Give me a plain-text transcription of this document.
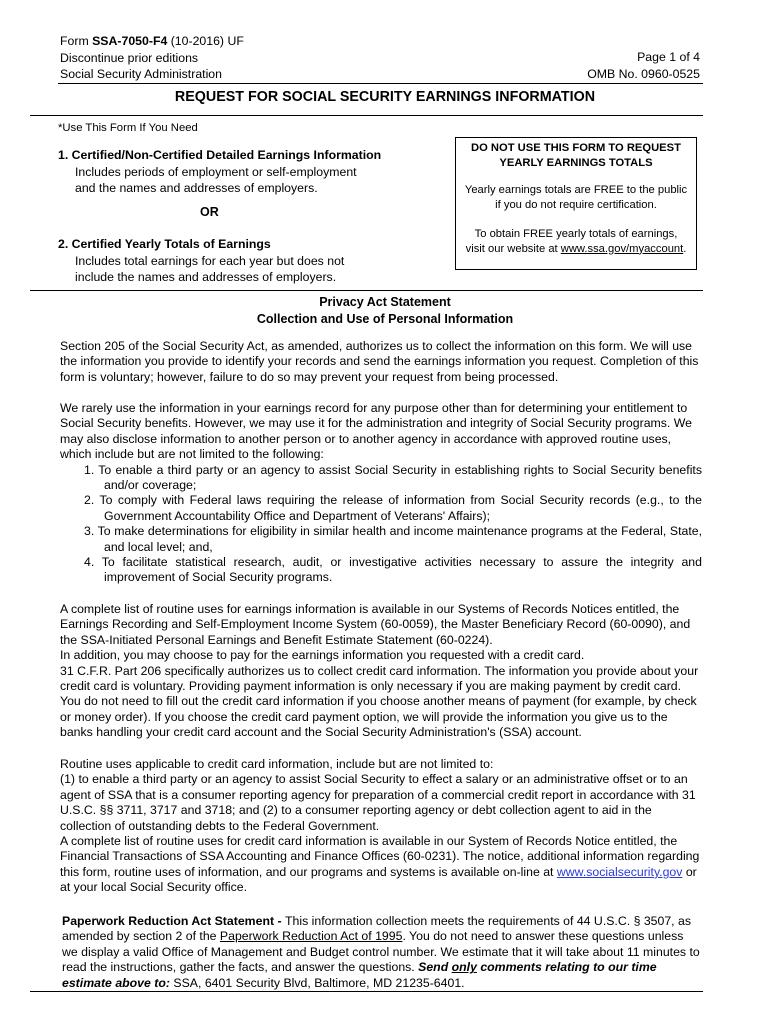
Form SSA-7050-F4 (10-2016) UF
Discontinue prior editions
Social Security Administration
Page 1 of 4
OMB No. 0960-0525
REQUEST FOR SOCIAL SECURITY EARNINGS INFORMATION
*Use This Form If You Need
1. Certified/Non-Certified Detailed Earnings Information
Includes periods of employment or self-employment
and the names and addresses of employers.
OR
2. Certified Yearly Totals of Earnings
Includes total earnings for each year but does not
include the names and addresses of employers.

DO NOT USE THIS FORM TO REQUEST

YEARLY EARNINGS TOTALS

Yearly earnings totals are FREE to the public

if you do not require certification.

To obtain FREE yearly totals of earnings,

visit our website at www.ssa.gov/myaccount.

Privacy Act Statement
Collection and Use of Personal Information

Section 205 of the Social Security Act, as amended, authorizes us to collect the information on this form. We will use the information you provide to identify your records and send the earnings information you request. Completion of this form is voluntary; however, failure to do so may prevent your request from being processed.

We rarely use the information in your earnings record for any purpose other than for determining your entitlement to Social Security benefits. However, we may use it for the administration and integrity of Social Security programs. We may also disclose information to another person or to another agency in accordance with approved routine uses, which include but are not limited to the following:

1. To enable a third party or an agency to assist Social Security in establishing rights to Social Security benefits and/or coverage;
2. To comply with Federal laws requiring the release of information from Social Security records (e.g., to the Government Accountability Office and Department of Veterans' Affairs);
3. To make determinations for eligibility in similar health and income maintenance programs at the Federal, State, and local level; and,
4. To facilitate statistical research, audit, or investigative activities necessary to assure the integrity and improvement of Social Security programs.

A complete list of routine uses for earnings information is available in our Systems of Records Notices entitled, the Earnings Recording and Self-Employment Income System (60-0059), the Master Beneficiary Record (60-0090), and the SSA-Initiated Personal Earnings and Benefit Estimate Statement (60-0224).

In addition, you may choose to pay for the earnings information you requested with a credit card.

31 C.F.R. Part 206 specifically authorizes us to collect credit card information. The information you provide about your credit card is voluntary. Providing payment information is only necessary if you are making payment by credit card. You do not need to fill out the credit card information if you choose another means of payment (for example, by check or money order). If you choose the credit card payment option, we will provide the information you give us to the banks handling your credit card account and the Social Security Administration's (SSA) account.

Routine uses applicable to credit card information, include but are not limited to:

(1) to enable a third party or an agency to assist Social Security to effect a salary or an administrative offset or to an agent of SSA that is a consumer reporting agency for preparation of a commercial credit report in accordance with 31 U.S.C. §§ 3711, 3717 and 3718; and (2) to a consumer reporting agency or debt collection agent to aid in the collection of outstanding debts to the Federal Government.

A complete list of routine uses for credit card information is available in our System of Records Notice entitled, the Financial Transactions of SSA Accounting and Finance Offices (60-0231). The notice, additional information regarding this form, routine uses of information, and our programs and systems is available on-line at www.socialsecurity.gov or at your local Social Security office.

Paperwork Reduction Act Statement - This information collection meets the requirements of 44 U.S.C. § 3507, as amended by section 2 of the Paperwork Reduction Act of 1995. You do not need to answer these questions unless we display a valid Office of Management and Budget control number. We estimate that it will take about 11 minutes to read the instructions, gather the facts, and answer the questions. Send only comments relating to our time estimate above to: SSA, 6401 Security Blvd, Baltimore, MD 21235-6401.
